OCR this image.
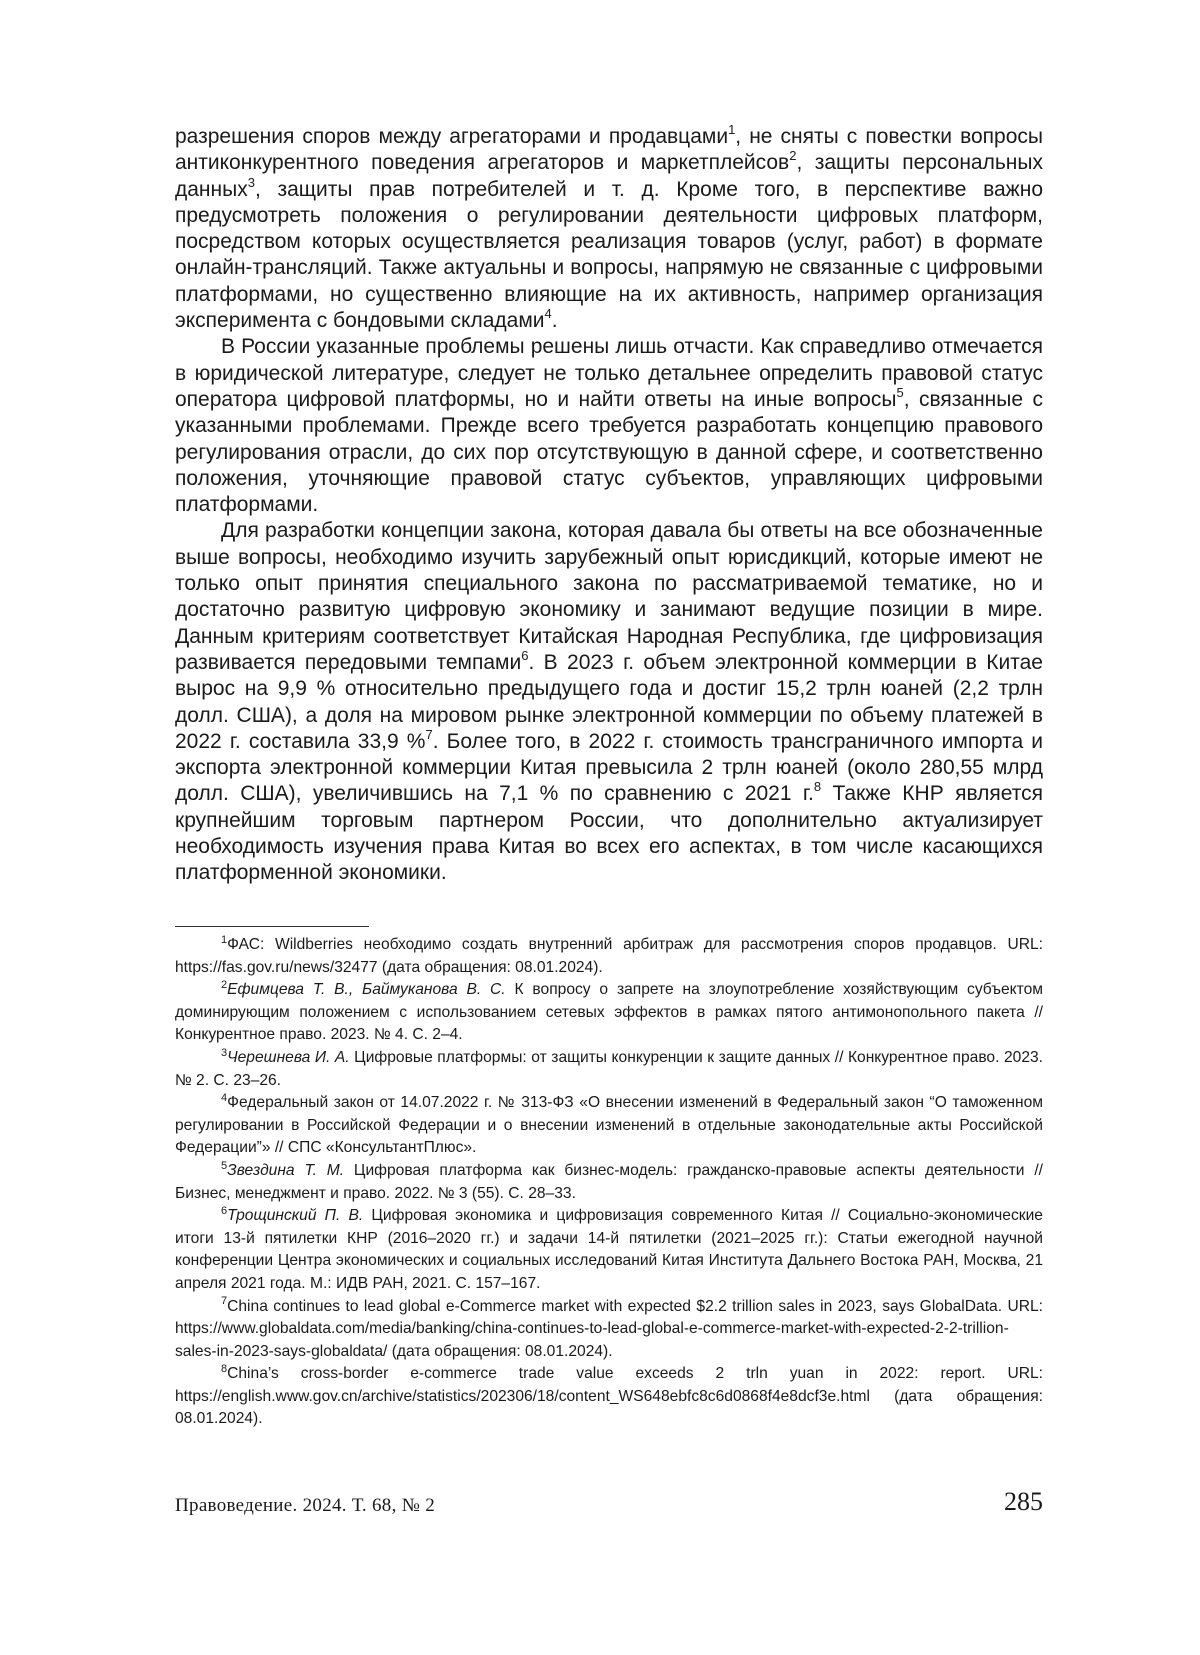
разрешения споров между агрегаторами и продавцами$^1$, не сняты с повестки вопросы антиконкурентного поведения агрегаторов и маркетплейсов$^2$, защиты персональных данных$^3$, защиты прав потребителей и т. д. Кроме того, в перспективе важно предусмотреть положения о регулировании деятельности цифровых платформ, посредством которых осуществляется реализация товаров (услуг, работ) в формате онлайн-трансляций. Также актуальны и вопросы, напрямую не связанные с цифровыми платформами, но существенно влияющие на их активность, например организация эксперимента с бондовыми складами$^4$.

В России указанные проблемы решены лишь отчасти. Как справедливо отмечается в юридической литературе, следует не только детальнее определить правовой статус оператора цифровой платформы, но и найти ответы на иные вопросы$^5$, связанные с указанными проблемами. Прежде всего требуется разработать концепцию правового регулирования отрасли, до сих пор отсутствующую в данной сфере, и соответственно положения, уточняющие правовой статус субъектов, управляющих цифровыми платформами.

Для разработки концепции закона, которая давала бы ответы на все обозначенные выше вопросы, необходимо изучить зарубежный опыт юрисдикций, которые имеют не только опыт принятия специального закона по рассматриваемой тематике, но и достаточно развитую цифровую экономику и занимают ведущие позиции в мире. Данным критериям соответствует Китайская Народная Республика, где цифровизация развивается передовыми темпами$^6$. В 2023 г. объем электронной коммерции в Китае вырос на 9,9 % относительно предыдущего года и достиг 15,2 трлн юаней (2,2 трлн долл. США), а доля на мировом рынке электронной коммерции по объему платежей в 2022 г. составила 33,9 %$^7$. Более того, в 2022 г. стоимость трансграничного импорта и экспорта электронной коммерции Китая превысила 2 трлн юаней (около 280,55 млрд долл. США), увеличившись на 7,1 % по сравнению с 2021 г.$^8$ Также КНР является крупнейшим торговым партнером России, что дополнительно актуализирует необходимость изучения права Китая во всех его аспектах, в том числе касающихся платформенной экономики.

$^1$ФАС: Wildberries необходимо создать внутренний арбитраж для рассмотрения споров продавцов. URL: https://fas.gov.ru/news/32477 (дата обращения: 08.01.2024).

$^2$Ефимцева Т. В., Баймуканова В. С. К вопросу о запрете на злоупотребление хозяйствующим субъектом доминирующим положением с использованием сетевых эффектов в рамках пятого антимонопольного пакета // Конкурентное право. 2023. № 4. С. 2–4.

$^3$Черешнева И. А. Цифровые платформы: от защиты конкуренции к защите данных // Конкурентное право. 2023. № 2. С. 23–26.

$^4$Федеральный закон от 14.07.2022 г. № 313-ФЗ «О внесении изменений в Федеральный закон “О таможенном регулировании в Российской Федерации и о внесении изменений в отдельные законодательные акты Российской Федерации”» // СПС «КонсультантПлюс».

$^5$Звездина Т. М. Цифровая платформа как бизнес-модель: гражданско-правовые аспекты деятельности // Бизнес, менеджмент и право. 2022. № 3 (55). С. 28–33.

$^6$Трощинский П. В. Цифровая экономика и цифровизация современного Китая // Социально-экономические итоги 13-й пятилетки КНР (2016–2020 гг.) и задачи 14-й пятилетки (2021–2025 гг.): Статьи ежегодной научной конференции Центра экономических и социальных исследований Китая Института Дальнего Востока РАН, Москва, 21 апреля 2021 года. М.: ИДВ РАН, 2021. С. 157–167.

$^7$China continues to lead global e-Commerce market with expected $2.2 trillion sales in 2023, says GlobalData. URL: https://www.globaldata.com/media/banking/china-continues-to-lead-global-e-commerce-market-with-expected-2-2-trillion-sales-in-2023-says-globaldata/ (дата обращения: 08.01.2024).

$^8$China’s cross-border e-commerce trade value exceeds 2 trln yuan in 2022: report. URL: https://english.www.gov.cn/archive/statistics/202306/18/content_WS648ebfc8c6d0868f4e8dcf3e.html (дата обращения: 08.01.2024).

Правоведение. 2024. Т. 68, № 2	285
